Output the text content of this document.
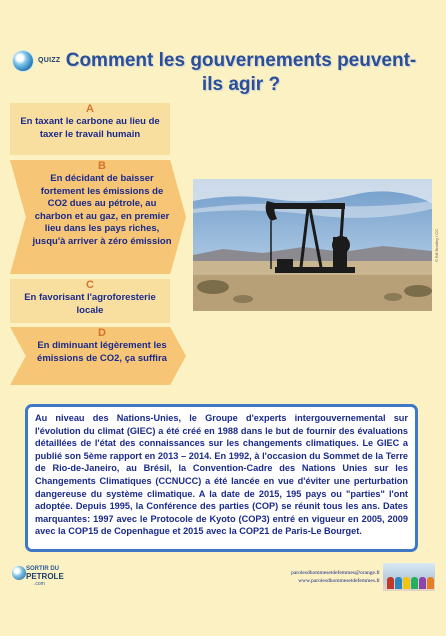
QUIZZ Comment les gouvernements peuvent-ils agir ?
A
En taxant le carbone au lieu de taxer le travail humain
B
En décidant de baisser fortement les émissions de CO2 dues au pétrole, au charbon et au gaz, en premier lieu dans les pays riches, jusqu'à arriver à zéro émission
C
En favorisant l'agroforesterie locale
D
En diminuant légèrement les émissions de CO2, ça suffira
© Bill Bradley / CC

Au niveau des Nations-Unies, le Groupe d'experts intergouvernemental sur l'évolution du climat (GIEC) a été créé en 1988 dans le but de fournir des évaluations détaillées de l'état des connaissances sur les changements climatiques. Le GIEC a publié son 5ème rapport en 2013 – 2014. En 1992, à l'occasion du Sommet de la Terre de Rio-de-Janeiro, au Brésil, la Convention-Cadre des Nations Unies sur les Changements Climatiques (CCNUCC) a été lancée en vue d'éviter une perturbation dangereuse du système climatique. A la date de 2015, 195 pays ou "parties" l'ont adoptée. Depuis 1995, la Conférence des parties (COP) se réunit tous les ans. Dates marquantes: 1997 avec le Protocole de Kyoto (COP3) entré en vigueur en 2005, 2009 avec la COP15 de Copenhague et 2015 avec la COP21 de Paris-Le Bourget.

SORTIR DU
PETROLE
.com
parolesdhommesetdefemmes@orange.fr
www.parolesdhommesetdefemmes.fr
